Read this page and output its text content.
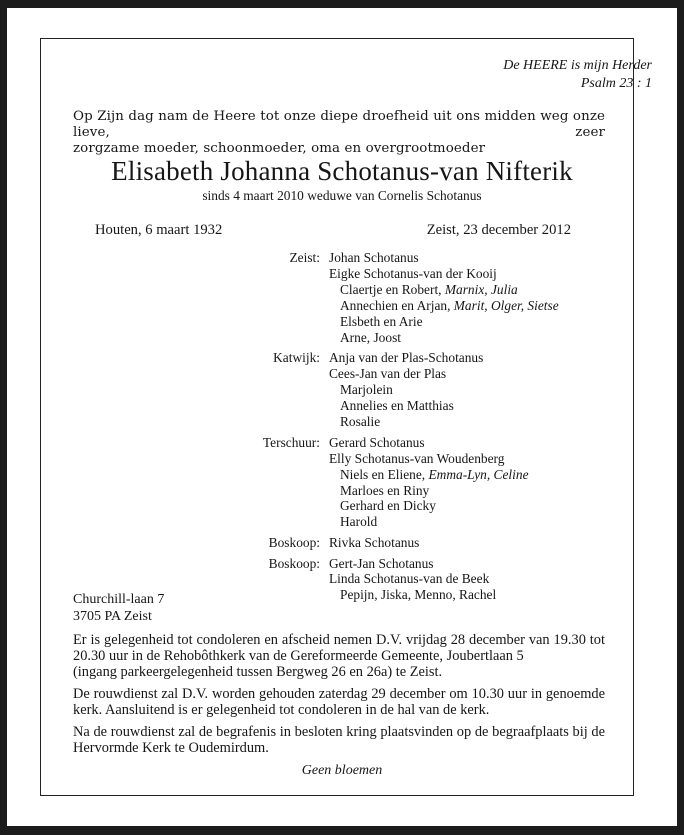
De HEERE is mijn Herder
Psalm 23 : 1
Op Zijn dag nam de Heere tot onze diepe droefheid uit ons midden weg onze lieve, zeer
zorgzame moeder, schoonmoeder, oma en overgrootmoeder
Elisabeth Johanna Schotanus-van Nifterik
sinds 4 maart 2010 weduwe van Cornelis Schotanus
Houten, 6 maart 1932	Zeist, 23 december 2012
Zeist: Johan Schotanus
Eigke Schotanus-van der Kooij
Claertje en Robert, Marnix, Julia
Annechien en Arjan, Marit, Olger, Sietse
Elsbeth en Arie
Arne, Joost
Katwijk: Anja van der Plas-Schotanus
Cees-Jan van der Plas
Marjolein
Annelies en Matthias
Rosalie
Terschuur: Gerard Schotanus
Elly Schotanus-van Woudenberg
Niels en Eliene, Emma-Lyn, Celine
Marloes en Riny
Gerhard en Dicky
Harold
Boskoop: Rivka Schotanus
Boskoop: Gert-Jan Schotanus
Linda Schotanus-van de Beek
Pepijn, Jiska, Menno, Rachel
Churchill-laan 7
3705 PA Zeist
Er is gelegenheid tot condoleren en afscheid nemen D.V. vrijdag 28 december van 19.30 tot
20.30 uur in de Rehobôthkerk van de Gereformeerde Gemeente, Joubertlaan 5
(ingang parkeergelegenheid tussen Bergweg 26 en 26a) te Zeist.
De rouwdienst zal D.V. worden gehouden zaterdag 29 december om 10.30 uur in genoemde
kerk. Aansluitend is er gelegenheid tot condoleren in de hal van de kerk.
Na de rouwdienst zal de begrafenis in besloten kring plaatsvinden op de begraafplaats bij de
Hervormde Kerk te Oudemirdum.
Geen bloemen
